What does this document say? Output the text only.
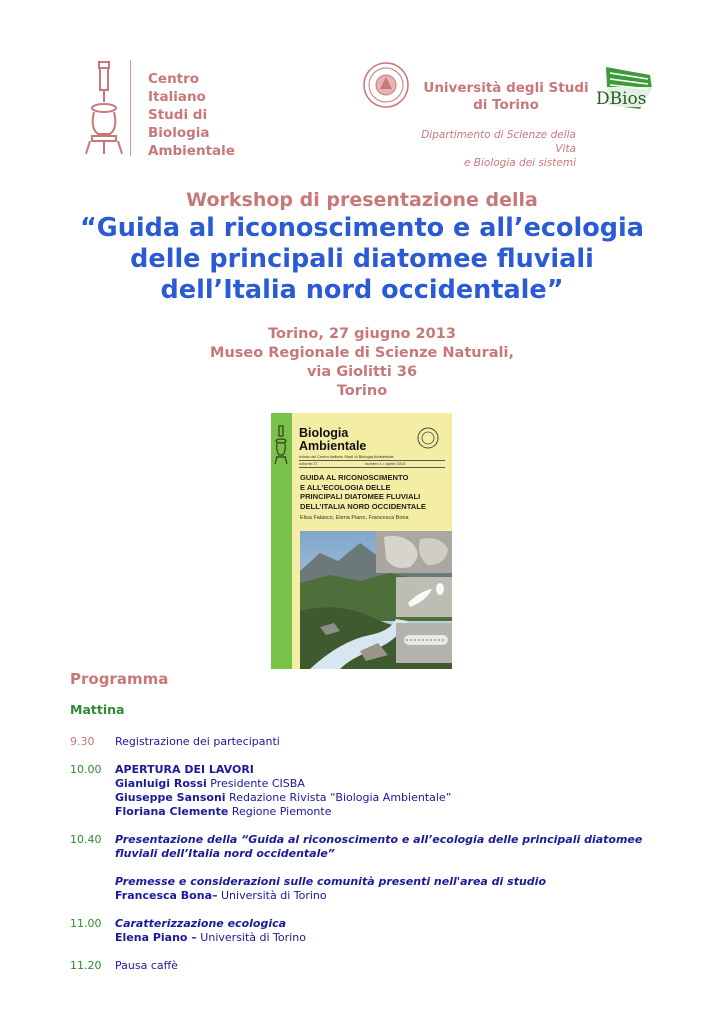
Centro
Italiano
Studi di
Biologia
Ambientale
Università degli Studi
di Torino	DBios
Dipartimento di Scienze della Vita
e Biologia dei sistemi
Workshop di presentazione della
“Guida al riconoscimento e all’ecologia
delle principali diatomee fluviali
dell’Italia nord occidentale”
Torino, 27 giugno 2013
Museo Regionale di Scienze Naturali,
via Giolitti 36
Torino
Biologia
Ambientale
rivista del Centro Italiano Studi di Biologia Ambientale
volume 27	numero 1 • aprile 2013
GUIDA AL RICONOSCIMENTO
E ALL’ECOLOGIA DELLE
PRINCIPALI DIATOMEE FLUVIALI
DELL’ITALIA NORD OCCIDENTALE
Elisa Falasco, Elena Piano, Francesca Bona
Programma
Mattina
9.30 Registrazione dei partecipanti
10.00 APERTURA DEI LAVORI
Gianluigi Rossi Presidente CISBA
Giuseppe Sansoni Redazione Rivista “Biologia Ambientale”
Floriana Clemente Regione Piemonte
10.40 Presentazione della “Guida al riconoscimento e all’ecologia delle principali diatomee
fluviali dell’Italia nord occidentale”
Premesse e considerazioni sulle comunità presenti nell'area di studio
Francesca Bona– Università di Torino
11.00 Caratterizzazione ecologica
Elena Piano – Università di Torino
11.20 Pausa caffè
